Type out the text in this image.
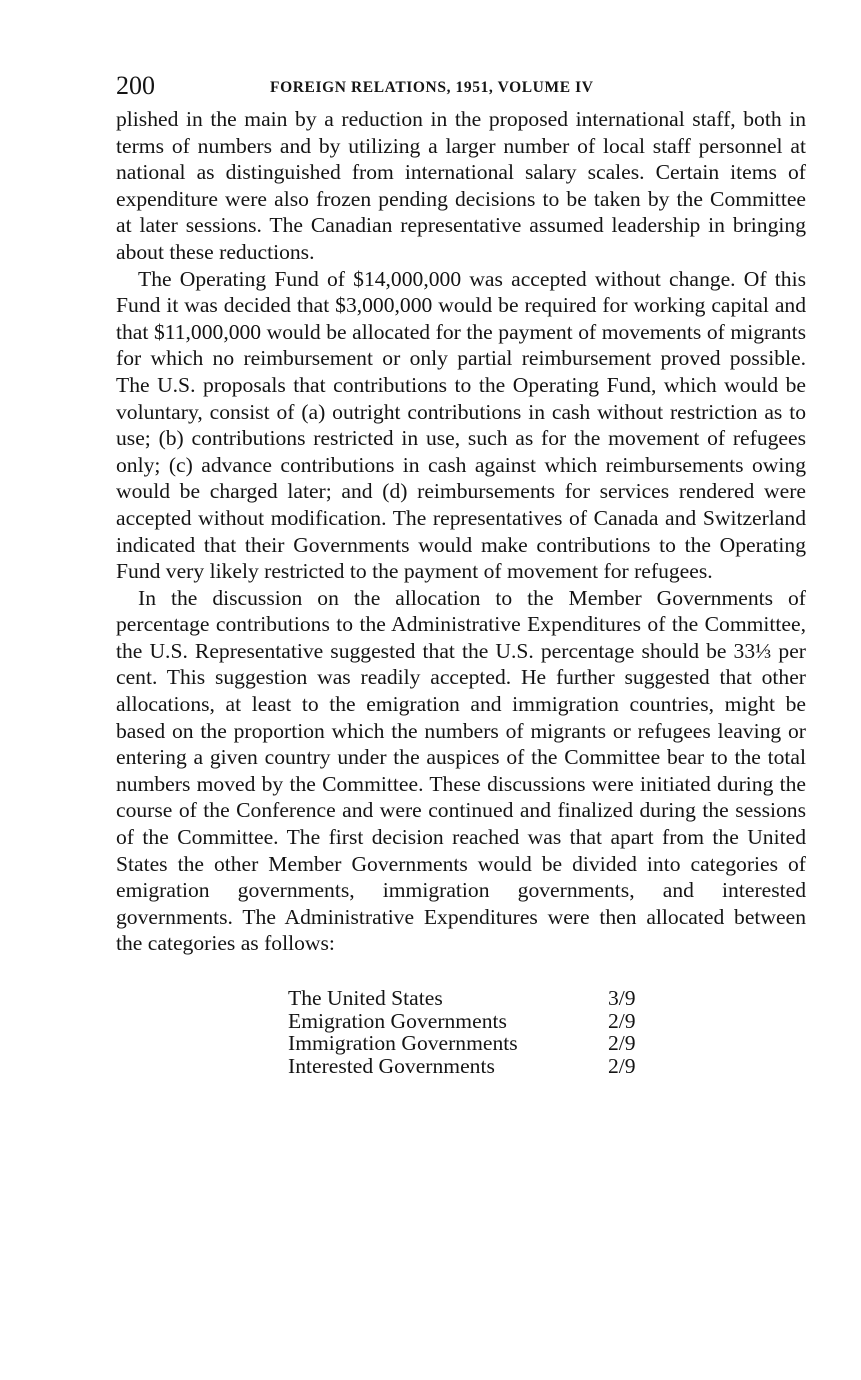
200	FOREIGN RELATIONS, 1951, VOLUME IV

plished in the main by a reduction in the proposed international staff, both in terms of numbers and by utilizing a larger number of local staff personnel at national as distinguished from international salary scales. Certain items of expenditure were also frozen pending decisions to be taken by the Committee at later sessions. The Canadian representative assumed leadership in bringing about these reductions.

The Operating Fund of $14,000,000 was accepted without change. Of this Fund it was decided that $3,000,000 would be required for working capital and that $11,000,000 would be allocated for the payment of movements of migrants for which no reimbursement or only partial reimbursement proved possible. The U.S. proposals that contributions to the Operating Fund, which would be voluntary, consist of (a) outright contributions in cash without restriction as to use; (b) contributions restricted in use, such as for the movement of refugees only; (c) advance contributions in cash against which reimbursements owing would be charged later; and (d) reimbursements for services rendered were accepted without modification. The representatives of Canada and Switzerland indicated that their Governments would make contributions to the Operating Fund very likely restricted to the payment of movement for refugees.

In the discussion on the allocation to the Member Governments of percentage contributions to the Administrative Expenditures of the Committee, the U.S. Representative suggested that the U.S. percentage should be 33⅓ per cent. This suggestion was readily accepted. He further suggested that other allocations, at least to the emigration and immigration countries, might be based on the proportion which the numbers of migrants or refugees leaving or entering a given country under the auspices of the Committee bear to the total numbers moved by the Committee. These discussions were initiated during the course of the Conference and were continued and finalized during the sessions of the Committee. The first decision reached was that apart from the United States the other Member Governments would be divided into categories of emigration governments, immigration governments, and interested governments. The Administrative Expenditures were then allocated between the categories as follows:

The United States	3/9
Emigration Governments	2/9
Immigration Governments	2/9
Interested Governments	2/9
